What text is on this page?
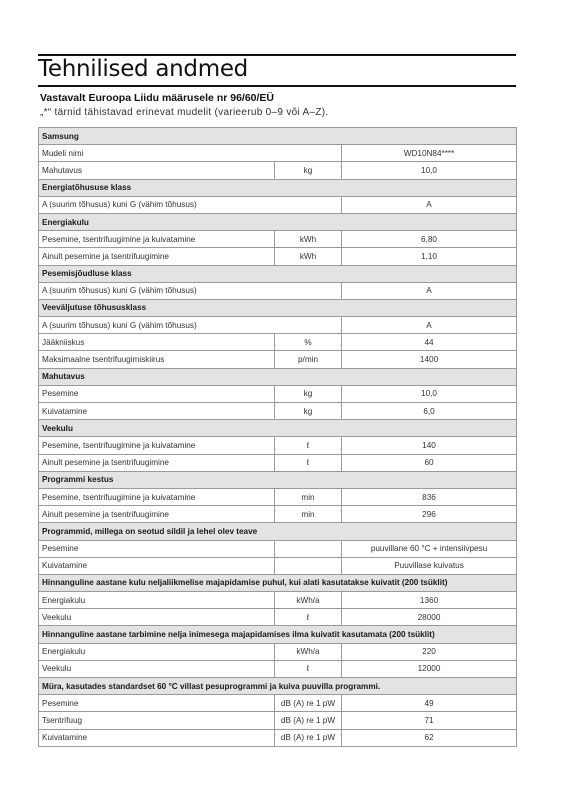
Tehnilised andmed
Vastavalt Euroopa Liidu määrusele nr 96/60/EÜ
„*“ tärnid tähistavad erinevat mudelit (varieerub 0–9 või A–Z).
Samsung		
Mudeli nimi		WD10N84****
Mahutavus	kg	10,0
Energiatõhususe klass		
A (suurim tõhusus) kuni G (vähim tõhusus)		A
Energiakulu		
Pesemine, tsentrifuugimine ja kuivatamine	kWh	6,80
Ainult pesemine ja tsentrifuugimine	kWh	1,10
Pesemisjõudluse klass		
A (suurim tõhusus) kuni G (vähim tõhusus)		A
Veeväljutuse tõhususklass		
A (suurim tõhusus) kuni G (vähim tõhusus)		A
Jääkniiskus	%	44
Maksimaalne tsentrifuugimiskiirus	p/min	1400
Mahutavus		
Pesemine	kg	10,0
Kuivatamine	kg	6,0
Veekulu		
Pesemine, tsentrifuugimine ja kuivatamine	ℓ	140
Ainult pesemine ja tsentrifuugimine	ℓ	60
Programmi kestus		
Pesemine, tsentrifuugimine ja kuivatamine	min	836
Ainult pesemine ja tsentrifuugimine	min	296
Programmid, millega on seotud sildil ja lehel olev teave		
Pesemine		puuvillane 60 °C + intensiivpesu
Kuivatamine		Puuvillase kuivatus
Hinnanguline aastane kulu neljaliikmelise majapidamise puhul, kui alati kasutatakse kuivatit (200 tsüklit)		
Energiakulu	kWh/a	1360
Veekulu	ℓ	28000
Hinnanguline aastane tarbimine nelja inimesega majapidamises ilma kuivatit kasutamata (200 tsüklit)		
Energiakulu	kWh/a	220
Veekulu	ℓ	12000
Müra, kasutades standardset 60 °C villast pesuprogrammi ja kuiva puuvilla programmi.		
Pesemine	dB (A) re 1 pW	49
Tsentrifuug	dB (A) re 1 pW	71
Kuivatamine	dB (A) re 1 pW	62
